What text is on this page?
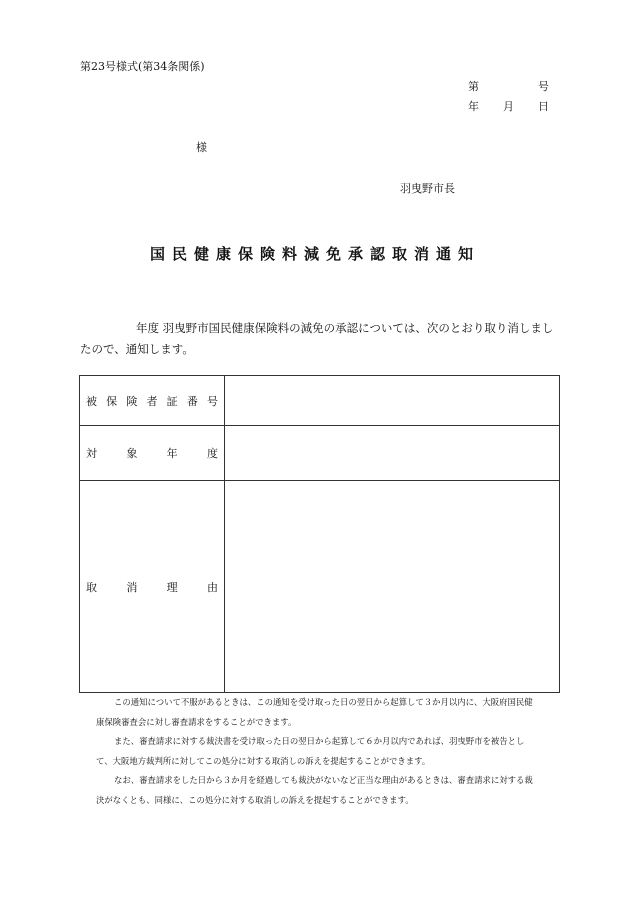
第23号様式(第34条関係)
第	号
年 月 日
様
羽曳野市長
国民健康保険料減免承認取消通知
年度 羽曳野市国民健康保険料の減免の承認については、次のとおり取り消しましたので、通知します。
被保険者証番号	
対象年度	
取消理由	

この通知について不服があるときは、この通知を受け取った日の翌日から起算して３か月以内に、大阪府国民健康保険審査会に対し審査請求をすることができます。

また、審査請求に対する裁決書を受け取った日の翌日から起算して６か月以内であれば、羽曳野市を被告として、大阪地方裁判所に対してこの処分に対する取消しの訴えを提起することができます。

なお、審査請求をした日から３か月を経過しても裁決がないなど正当な理由があるときは、審査請求に対する裁決がなくとも、同様に、この処分に対する取消しの訴えを提起することができます。
